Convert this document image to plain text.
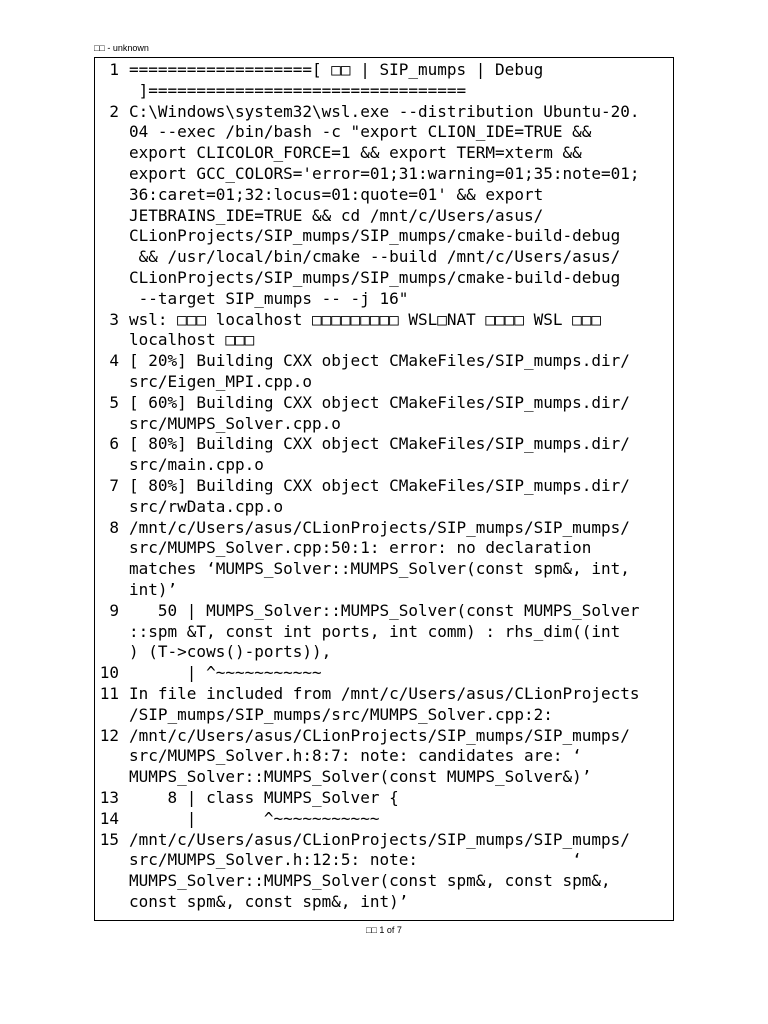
□□ - unknown
1 ===================[ □□ | SIP_mumps | Debug
]=================================
2 C:\Windows\system32\wsl.exe --distribution Ubuntu-20.
04 --exec /bin/bash -c "export CLION_IDE=TRUE &&
export CLICOLOR_FORCE=1 && export TERM=xterm &&
export GCC_COLORS='error=01;31:warning=01;35:note=01;
36:caret=01;32:locus=01:quote=01' && export
JETBRAINS_IDE=TRUE && cd /mnt/c/Users/asus/
CLionProjects/SIP_mumps/SIP_mumps/cmake-build-debug
&& /usr/local/bin/cmake --build /mnt/c/Users/asus/
CLionProjects/SIP_mumps/SIP_mumps/cmake-build-debug
--target SIP_mumps -- -j 16"
3 wsl: □□□ localhost □□□□□□□□□ WSL□NAT □□□□ WSL □□□
localhost □□□
4 [ 20%] Building CXX object CMakeFiles/SIP_mumps.dir/
src/Eigen_MPI.cpp.o
5 [ 60%] Building CXX object CMakeFiles/SIP_mumps.dir/
src/MUMPS_Solver.cpp.o
6 [ 80%] Building CXX object CMakeFiles/SIP_mumps.dir/
src/main.cpp.o
7 [ 80%] Building CXX object CMakeFiles/SIP_mumps.dir/
src/rwData.cpp.o
8 /mnt/c/Users/asus/CLionProjects/SIP_mumps/SIP_mumps/
src/MUMPS_Solver.cpp:50:1: error: no declaration
matches ‘MUMPS_Solver::MUMPS_Solver(const spm&, int,
int)’
9 50 | MUMPS_Solver::MUMPS_Solver(const MUMPS_Solver
::spm &T, const int ports, int comm) : rhs_dim((int
) (T->cows()-ports)),
10 | ^~~~~~~~~~~~
11 In file included from /mnt/c/Users/asus/CLionProjects
/SIP_mumps/SIP_mumps/src/MUMPS_Solver.cpp:2:
12 /mnt/c/Users/asus/CLionProjects/SIP_mumps/SIP_mumps/
src/MUMPS_Solver.h:8:7: note: candidates are: ‘
MUMPS_Solver::MUMPS_Solver(const MUMPS_Solver&)’
13 8 | class MUMPS_Solver {
14 |       ^~~~~~~~~~~~
15 /mnt/c/Users/asus/CLionProjects/SIP_mumps/SIP_mumps/
src/MUMPS_Solver.h:12:5: note:                ‘
MUMPS_Solver::MUMPS_Solver(const spm&, const spm&,
const spm&, const spm&, int)’
□□ 1 of 7
